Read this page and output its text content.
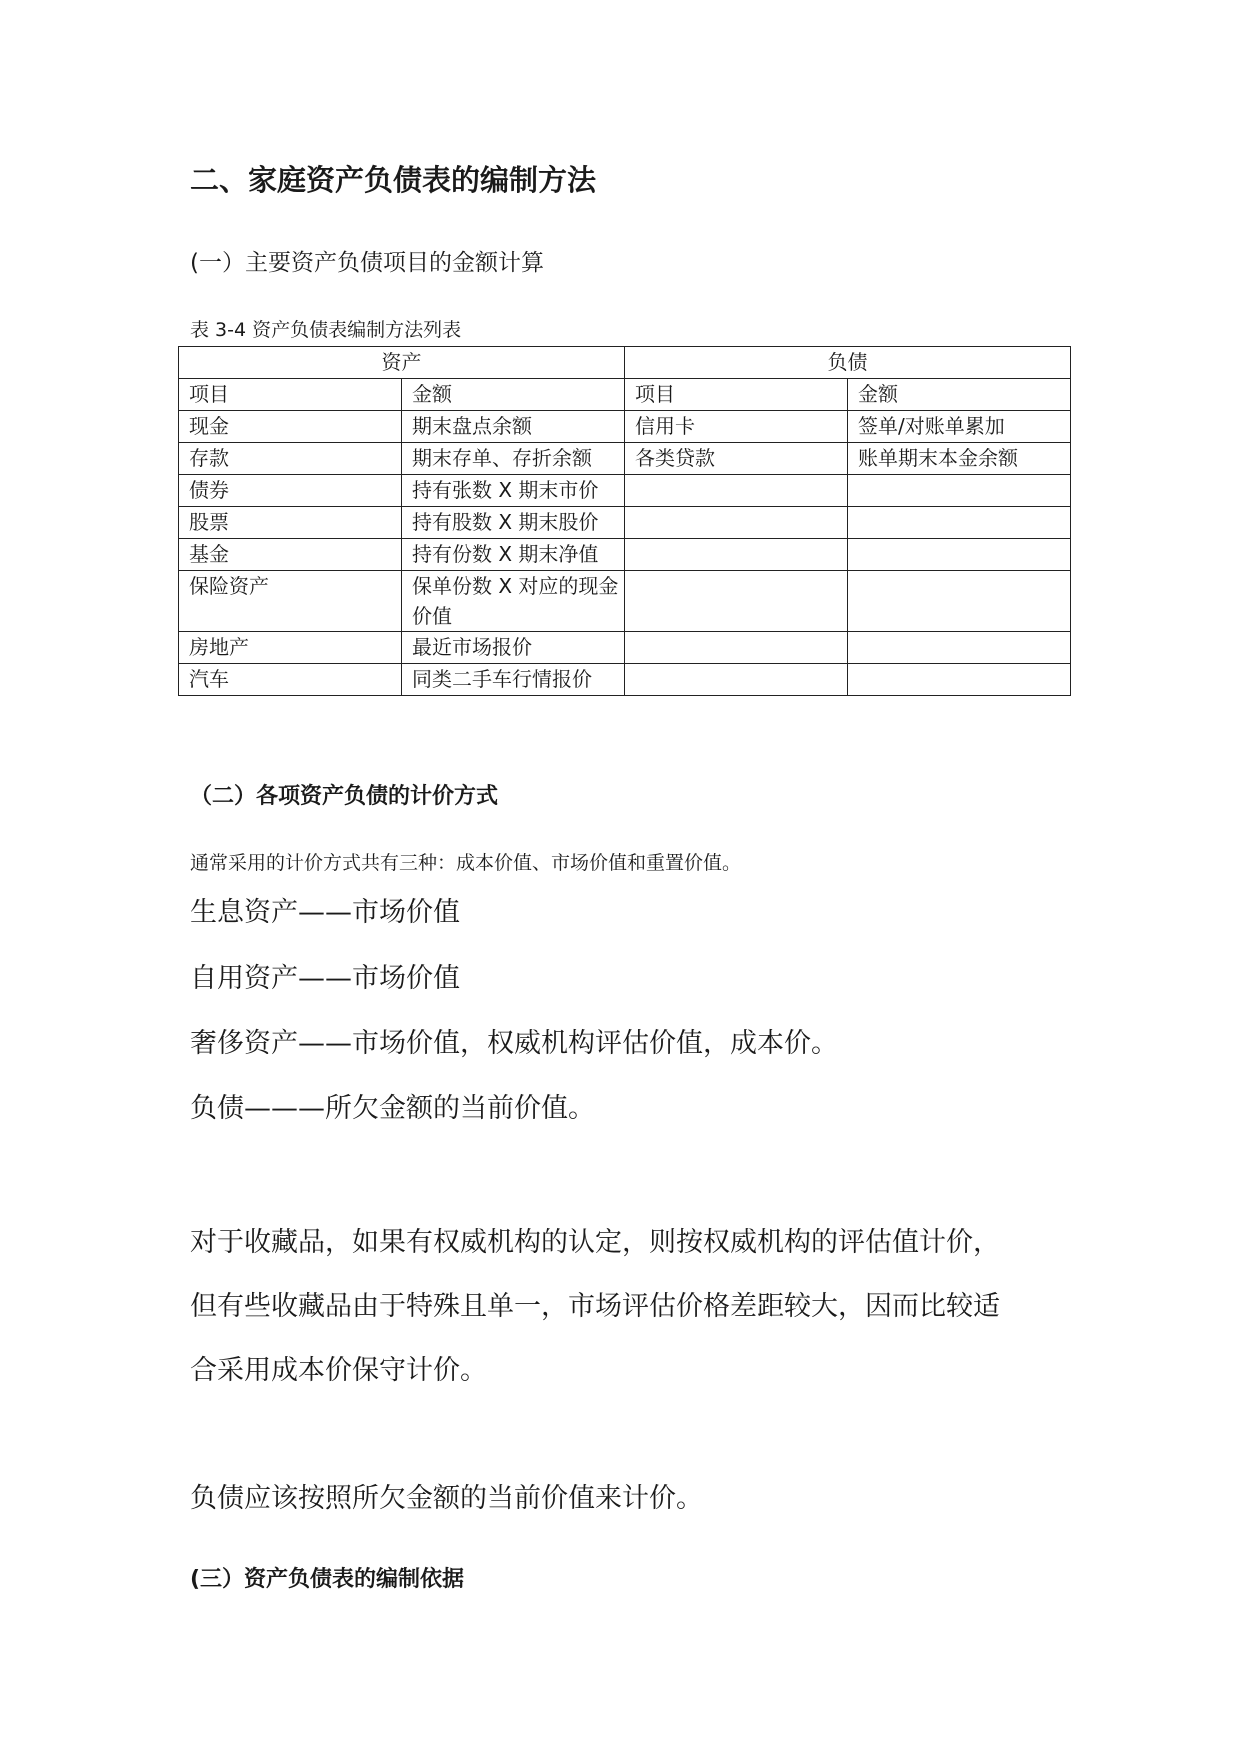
二、家庭资产负债表的编制方法
(一）主要资产负债项目的金额计算
表 3-4 资产负债表编制方法列表
资产		负债	
项目	金额	项目	金额
现金	期末盘点余额	信用卡	签单/对账单累加
存款	期末存单、存折余额	各类贷款	账单期末本金余额
债券	持有张数 X 期末市价		
股票	持有股数 X 期末股价		
基金	持有份数 X 期末净值		
保险资产	保单份数 X 对应的现金价值		
房地产	最近市场报价		
汽车	同类二手车行情报价		
（二）各项资产负债的计价方式
通常采用的计价方式共有三种：成本价值、市场价值和重置价值。
生息资产——市场价值
自用资产——市场价值
奢侈资产——市场价值，权威机构评估价值，成本价。
负债———所欠金额的当前价值。
对于收藏品，如果有权威机构的认定，则按权威机构的评估值计价，
但有些收藏品由于特殊且单一，市场评估价格差距较大，因而比较适
合采用成本价保守计价。
负债应该按照所欠金额的当前价值来计价。
(三）资产负债表的编制依据
